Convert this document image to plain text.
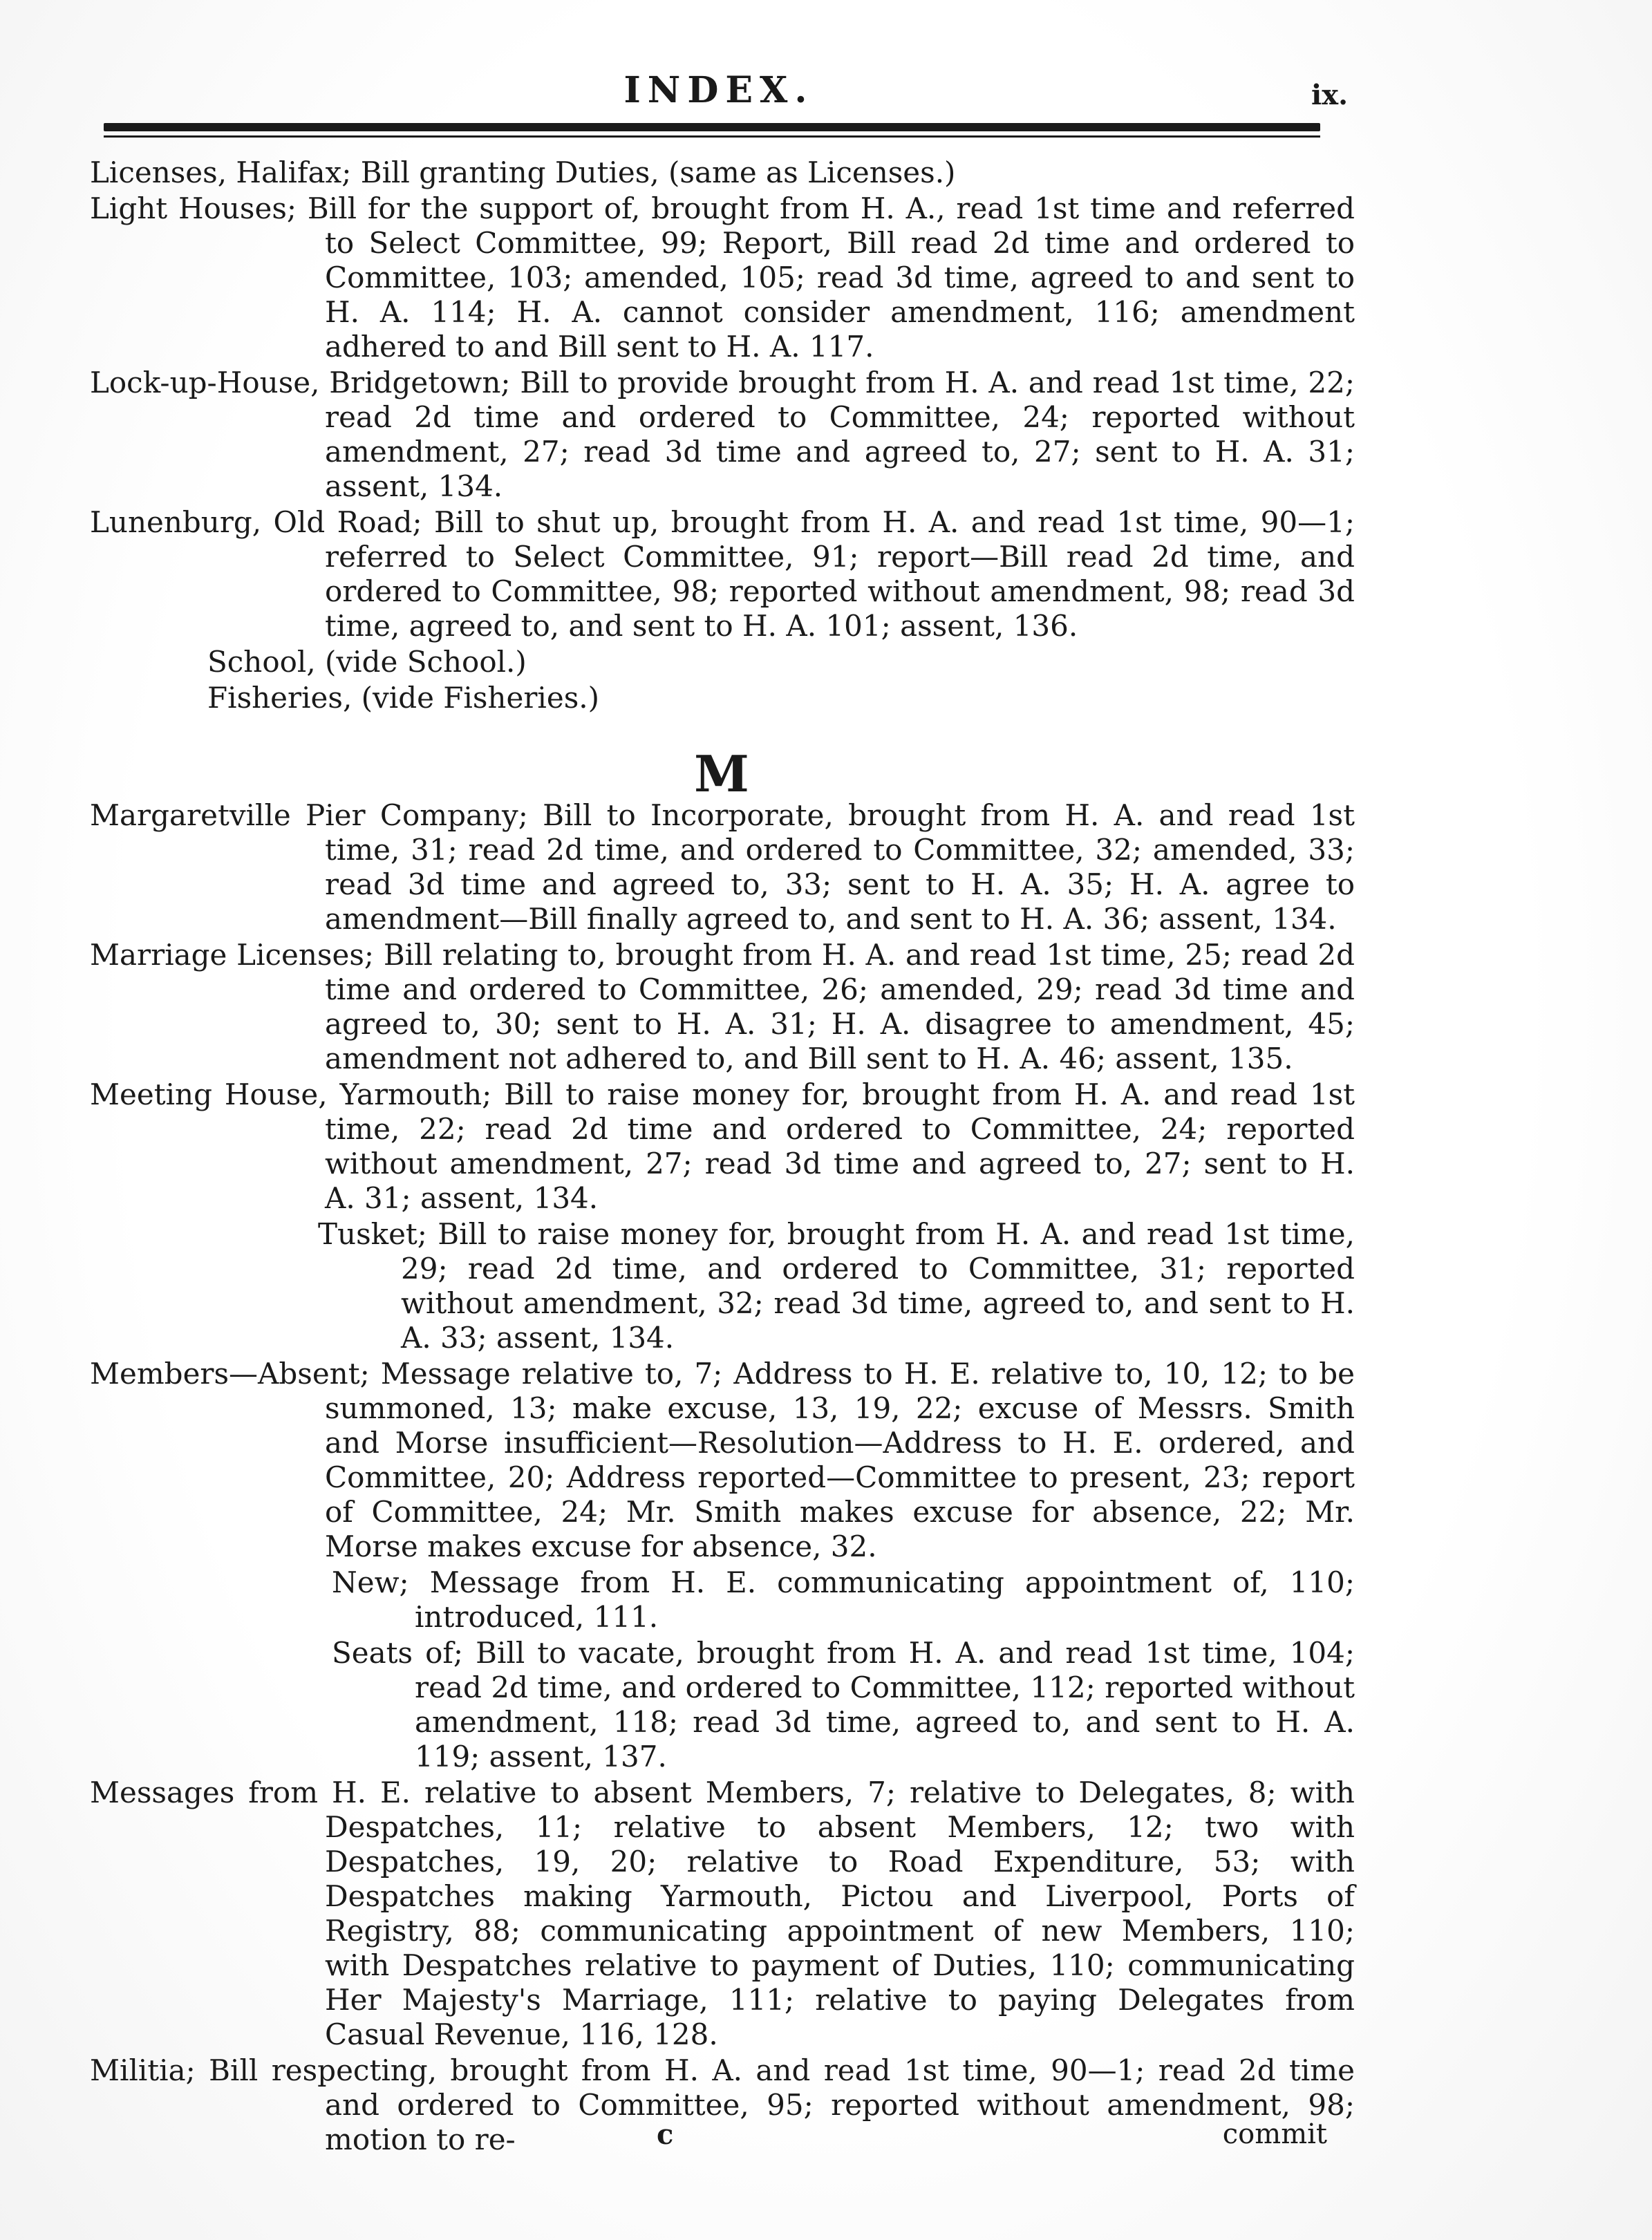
INDEX.	ix.
Licenses, Halifax; Bill granting Duties, (same as Licenses.)
Light Houses; Bill for the support of, brought from H. A., read 1st time and referred to Select Committee, 99; Report, Bill read 2d time and ordered to Committee, 103; amended, 105; read 3d time, agreed to and sent to H. A. 114; H. A. cannot consider amendment, 116; amendment adhered to and Bill sent to H. A. 117.
Lock-up-House, Bridgetown; Bill to provide brought from H. A. and read 1st time, 22; read 2d time and ordered to Committee, 24; reported without amendment, 27; read 3d time and agreed to, 27; sent to H. A. 31; assent, 134.
Lunenburg, Old Road; Bill to shut up, brought from H. A. and read 1st time, 90—1; referred to Select Committee, 91; report—Bill read 2d time, and ordered to Committee, 98; reported without amendment, 98; read 3d time, agreed to, and sent to H. A. 101; assent, 136.
School, (vide School.)
Fisheries, (vide Fisheries.)
M
Margaretville Pier Company; Bill to Incorporate, brought from H. A. and read 1st time, 31; read 2d time, and ordered to Committee, 32; amended, 33; read 3d time and agreed to, 33; sent to H. A. 35; H. A. agree to amendment—Bill finally agreed to, and sent to H. A. 36; assent, 134.
Marriage Licenses; Bill relating to, brought from H. A. and read 1st time, 25; read 2d time and ordered to Committee, 26; amended, 29; read 3d time and agreed to, 30; sent to H. A. 31; H. A. disagree to amendment, 45; amendment not adhered to, and Bill sent to H. A. 46; assent, 135.
Meeting House, Yarmouth; Bill to raise money for, brought from H. A. and read 1st time, 22; read 2d time and ordered to Committee, 24; reported without amendment, 27; read 3d time and agreed to, 27; sent to H. A. 31; assent, 134.
Tusket; Bill to raise money for, brought from H. A. and read 1st time, 29; read 2d time, and ordered to Committee, 31; reported without amendment, 32; read 3d time, agreed to, and sent to H. A. 33; assent, 134.
Members—Absent; Message relative to, 7; Address to H. E. relative to, 10, 12; to be summoned, 13; make excuse, 13, 19, 22; excuse of Messrs. Smith and Morse insufficient—Resolution—Address to H. E. ordered, and Committee, 20; Address reported—Committee to present, 23; report of Committee, 24; Mr. Smith makes excuse for absence, 22; Mr. Morse makes excuse for absence, 32.
New; Message from H. E. communicating appointment of, 110; introduced, 111.
Seats of; Bill to vacate, brought from H. A. and read 1st time, 104; read 2d time, and ordered to Committee, 112; reported without amendment, 118; read 3d time, agreed to, and sent to H. A. 119; assent, 137.
Messages from H. E. relative to absent Members, 7; relative to Delegates, 8; with Despatches, 11; relative to absent Members, 12; two with Despatches, 19, 20; relative to Road Expenditure, 53; with Despatches making Yarmouth, Pictou and Liverpool, Ports of Registry, 88; communicating appointment of new Members, 110; with Despatches relative to payment of Duties, 110; communicating Her Majesty's Marriage, 111; relative to paying Delegates from Casual Revenue, 116, 128.
Militia; Bill respecting, brought from H. A. and read 1st time, 90—1; read 2d time and ordered to Committee, 95; reported without amendment, 98; motion to re-	c	commit
